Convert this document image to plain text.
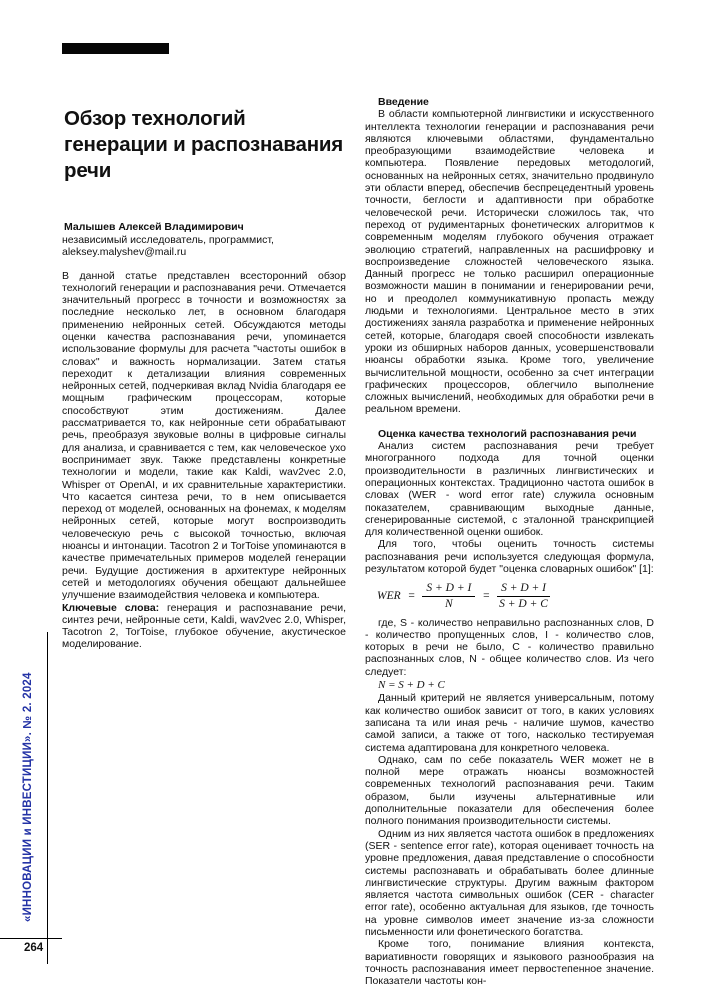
Обзор технологий генерации и распознавания речи
Малышев Алексей Владимирович
независимый исследователь, программист, aleksey.malyshev@mail.ru
В данной статье представлен всесторонний обзор технологий генерации и распознавания речи. Отмечается значительный прогресс в точности и возможностях за последние несколько лет, в основном благодаря применению нейронных сетей. Обсуждаются методы оценки качества распознавания речи, упоминается использование формулы для расчета "частоты ошибок в словах" и важность нормализации. Затем статья переходит к детализации влияния современных нейронных сетей, подчеркивая вклад Nvidia благодаря ее мощным графическим процессорам, которые способствуют этим достижениям. Далее рассматривается то, как нейронные сети обрабатывают речь, преобразуя звуковые волны в цифровые сигналы для анализа, и сравнивается с тем, как человеческое ухо воспринимает звук. Также представлены конкретные технологии и модели, такие как Kaldi, wav2vec 2.0, Whisper от OpenAI, и их сравнительные характеристики. Что касается синтеза речи, то в нем описывается переход от моделей, основанных на фонемах, к моделям нейронных сетей, которые могут воспроизводить человеческую речь с высокой точностью, включая нюансы и интонации. Tacotron 2 и TorToise упоминаются в качестве примечательных примеров моделей генерации речи. Будущие достижения в архитектуре нейронных сетей и методологиях обучения обещают дальнейшее улучшение взаимодействия человека и компьютера.
Ключевые слова: генерация и распознавание речи, синтез речи, нейронные сети, Kaldi, wav2vec 2.0, Whisper, Tacotron 2, TorToise, глубокое обучение, акустическое моделирование.

Введение

В области компьютерной лингвистики и искусственного интеллекта технологии генерации и распознавания речи являются ключевыми областями, фундаментально преобразующими взаимодействие человека и компьютера. Появление передовых методологий, основанных на нейронных сетях, значительно продвинуло эти области вперед, обеспечив беспрецедентный уровень точности, беглости и адаптивности при обработке человеческой речи. Исторически сложилось так, что переход от рудиментарных фонетических алгоритмов к современным моделям глубокого обучения отражает эволюцию стратегий, направленных на расшифровку и воспроизведение сложностей человеческого языка. Данный прогресс не только расширил операционные возможности машин в понимании и генерировании речи, но и преодолел коммуникативную пропасть между людьми и технологиями. Центральное место в этих достижениях заняла разработка и применение нейронных сетей, которые, благодаря своей способности извлекать уроки из обширных наборов данных, усовершенствовали нюансы обработки языка. Кроме того, увеличение вычислительной мощности, особенно за счет интеграции графических процессоров, облегчило выполнение сложных вычислений, необходимых для обработки речи в реальном времени.

Оценка качества технологий распознавания речи

Анализ систем распознавания речи требует многогранного подхода для точной оценки производительности в различных лингвистических и операционных контекстах. Традиционно частота ошибок в словах (WER - word error rate) служила основным показателем, сравнивающим выходные данные, сгенерированные системой, с эталонной транскрипцией для количественной оценки ошибок.

Для того, чтобы оценить точность системы распознавания речи используется следующая формула, результатом которой будет "оценка словарных ошибок" [1]:

WER = $\frac{S + D + I}{N} = \frac{S + D + I}{S + D + C}$

где, S - количество неправильно распознанных слов, D - количество пропущенных слов, I - количество слов, которых в речи не было, C - количество правильно распознанных слов, N - общее количество слов. Из чего следует:

N = S + D + C

Данный критерий не является универсальным, потому как количество ошибок зависит от того, в каких условиях записана та или иная речь - наличие шумов, качество самой записи, а также от того, насколько тестируемая система адаптирована для конкретного человека.

Однако, сам по себе показатель WER может не в полной мере отражать нюансы возможностей современных технологий распознавания речи. Таким образом, были изучены альтернативные или дополнительные показатели для обеспечения более полного понимания производительности системы.

Одним из них является частота ошибок в предложениях (SER - sentence error rate), которая оценивает точность на уровне предложения, давая представление о способности системы распознавать и обрабатывать более длинные лингвистические структуры. Другим важным фактором является частота символьных ошибок (CER - character error rate), особенно актуальная для языков, где точность на уровне символов имеет значение из-за сложности письменности или фонетического богатства.

Кроме того, понимание влияния контекста, вариативности говорящих и языкового разнообразия на точность распознавания имеет первостепенное значение. Показатели частоты кон-

«ИННОВАЦИИ и ИНВЕСТИЦИИ». № 2. 2024
264
